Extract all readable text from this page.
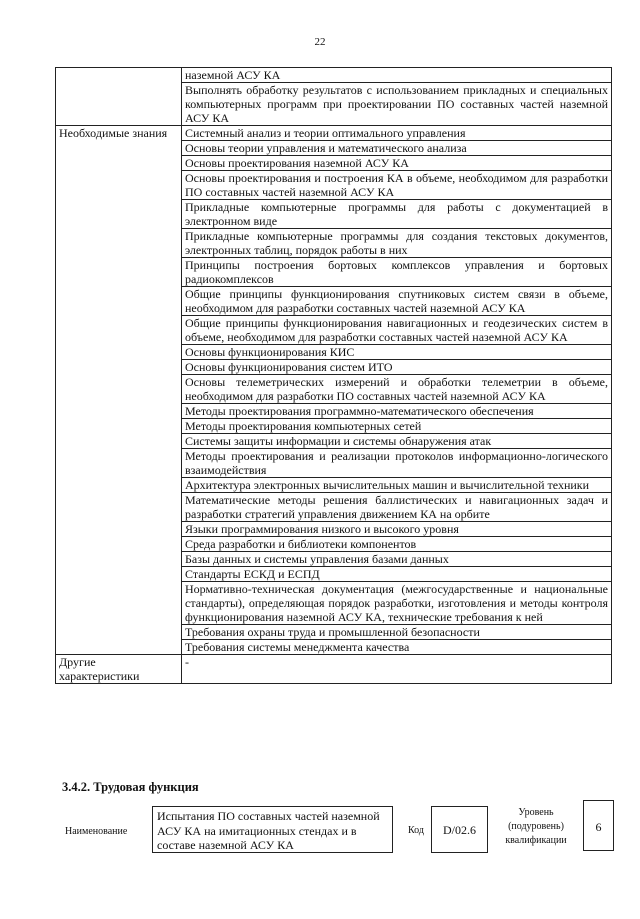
22
	наземной АСУ КА
	Выполнять обработку результатов с использованием прикладных и специальных компьютерных программ при проектировании ПО составных частей наземной АСУ КА
Необходимые знания	Системный анализ и теории оптимального управления
	Основы теории управления и математического анализа
	Основы проектирования наземной АСУ КА
	Основы проектирования и построения КА в объеме, необходимом для разработки ПО составных частей наземной АСУ КА
	Прикладные компьютерные программы для работы с документацией в электронном виде
	Прикладные компьютерные программы для создания текстовых документов, электронных таблиц, порядок работы в них
	Принципы построения бортовых комплексов управления и бортовых радиокомплексов
	Общие принципы функционирования спутниковых систем связи в объеме, необходимом для разработки составных частей наземной АСУ КА
	Общие принципы функционирования навигационных и геодезических систем в объеме, необходимом для разработки составных частей наземной АСУ КА
	Основы функционирования КИС
	Основы функционирования систем ИТО
	Основы телеметрических измерений и обработки телеметрии в объеме, необходимом для разработки ПО составных частей наземной АСУ КА
	Методы проектирования программно-математического обеспечения
	Методы проектирования компьютерных сетей
	Системы защиты информации и системы обнаружения атак
	Методы проектирования и реализации протоколов информационно-логического взаимодействия
	Архитектура электронных вычислительных машин и вычислительной техники
	Математические методы решения баллистических и навигационных задач и разработки стратегий управления движением КА на орбите
	Языки программирования низкого и высокого уровня
	Среда разработки и библиотеки компонентов
	Базы данных и системы управления базами данных
	Стандарты ЕСКД и ЕСПД
	Нормативно-техническая документация (межгосударственные и национальные стандарты), определяющая порядок разработки, изготовления и методы контроля функционирования наземной АСУ КА, технические требования к ней
	Требования охраны труда и промышленной безопасности
	Требования системы менеджмента качества
Другие характеристики	-
3.4.2. Трудовая функция
Наименование
Испытания ПО составных частей наземной АСУ КА на имитационных стендах и в составе наземной АСУ КА
Код	D/02.6
Уровень (подуровень) квалификации
6
